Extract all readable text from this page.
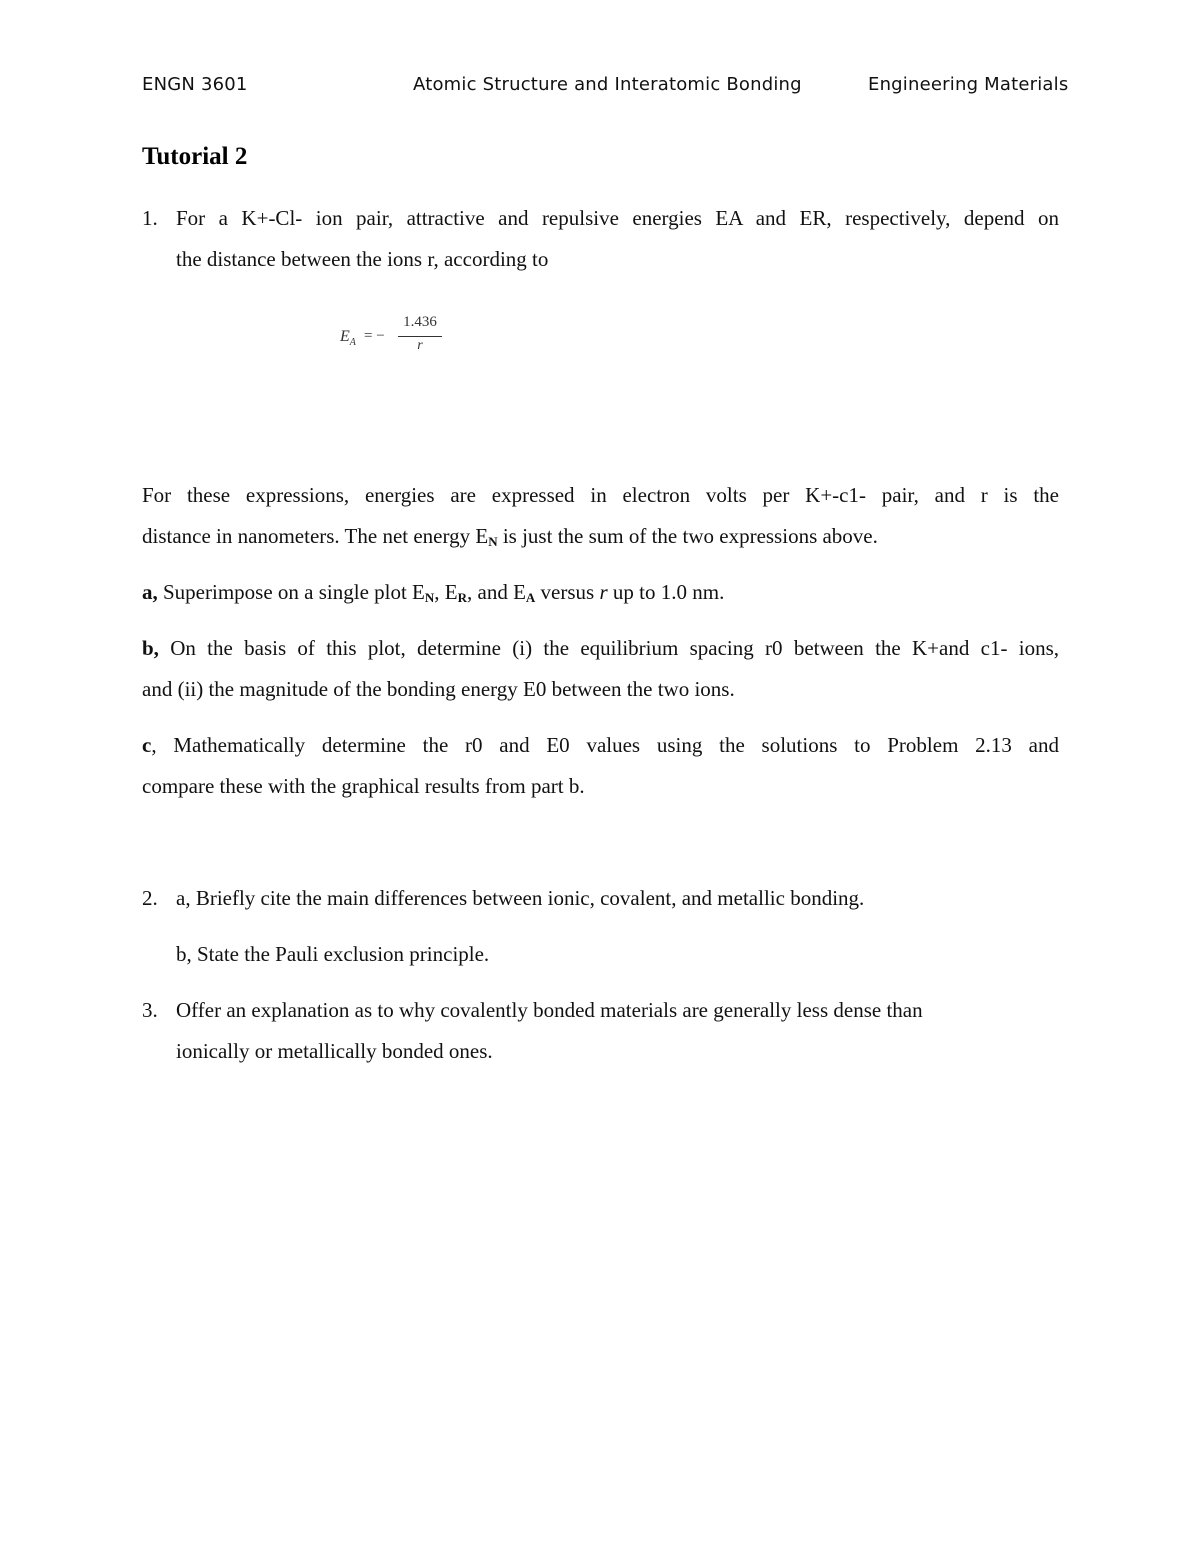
ENGN 3601	Atomic Structure and Interatomic Bonding	Engineering Materials
Tutorial 2
1. For a K+-Cl- ion pair, attractive and repulsive energies EA and ER, respectively, depend on
the distance between the ions r, according to
$E_A$ = −
1.436
r
For these expressions, energies are expressed in electron volts per K+-c1- pair, and r is the
distance in nanometers. The net energy $E_N$ is just the sum of the two expressions above.
a, Superimpose on a single plot $E_N$, $E_R$, and $E_A$ versus r up to 1.0 nm.
b, On the basis of this plot, determine (i) the equilibrium spacing r0 between the K+and c1- ions,
and (ii) the magnitude of the bonding energy E0 between the two ions.
c, Mathematically determine the r0 and E0 values using the solutions to Problem 2.13 and
compare these with the graphical results from part b.
2. a, Briefly cite the main differences between ionic, covalent, and metallic bonding.
b, State the Pauli exclusion principle.
3. Offer an explanation as to why covalently bonded materials are generally less dense than
ionically or metallically bonded ones.
